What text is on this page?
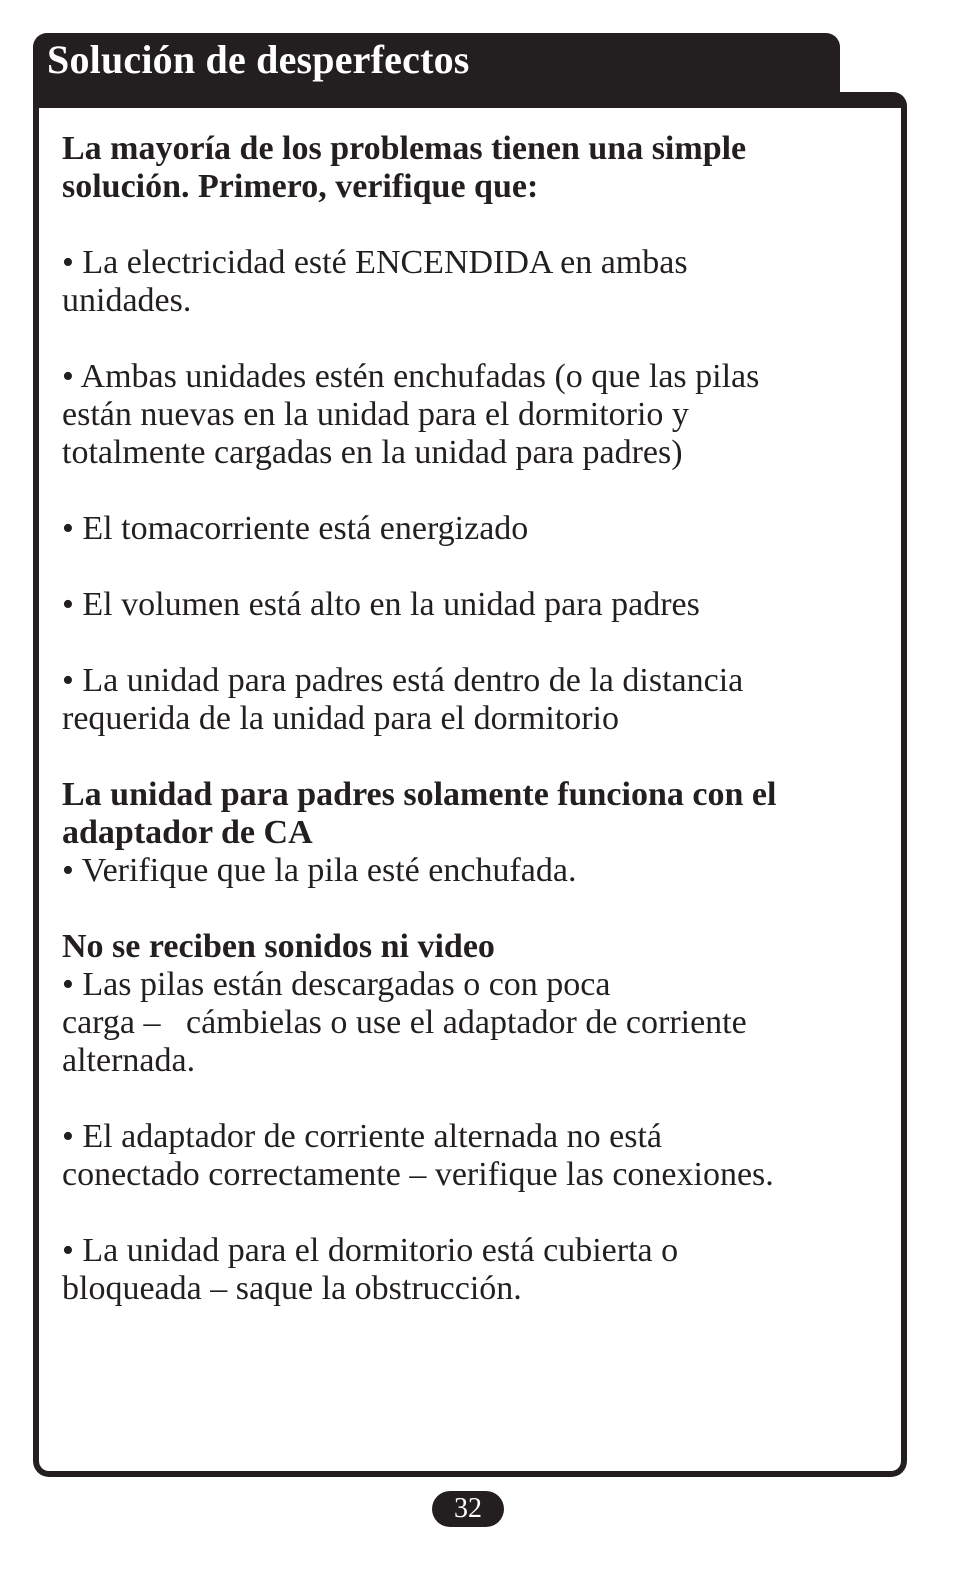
Solución de desperfectos

La mayoría de los problemas tienen una simple

solución. Primero, verifique que:

• La electricidad esté ENCENDIDA en ambas

unidades.

• Ambas unidades estén enchufadas (o que las pilas

están nuevas en la unidad para el dormitorio y

totalmente cargadas en la unidad para padres)

• El tomacorriente está energizado

• El volumen está alto en la unidad para padres

• La unidad para padres está dentro de la distancia

requerida de la unidad para el dormitorio

La unidad para padres solamente funciona con el

adaptador de CA

• Verifique que la pila esté enchufada.

No se reciben sonidos ni video

• Las pilas están descargadas o con poca

carga –   cámbielas o use el adaptador de corriente

alternada.

• El adaptador de corriente alternada no está

conectado correctamente – verifique las conexiones.

• La unidad para el dormitorio está cubierta o

bloqueada – saque la obstrucción.

32
